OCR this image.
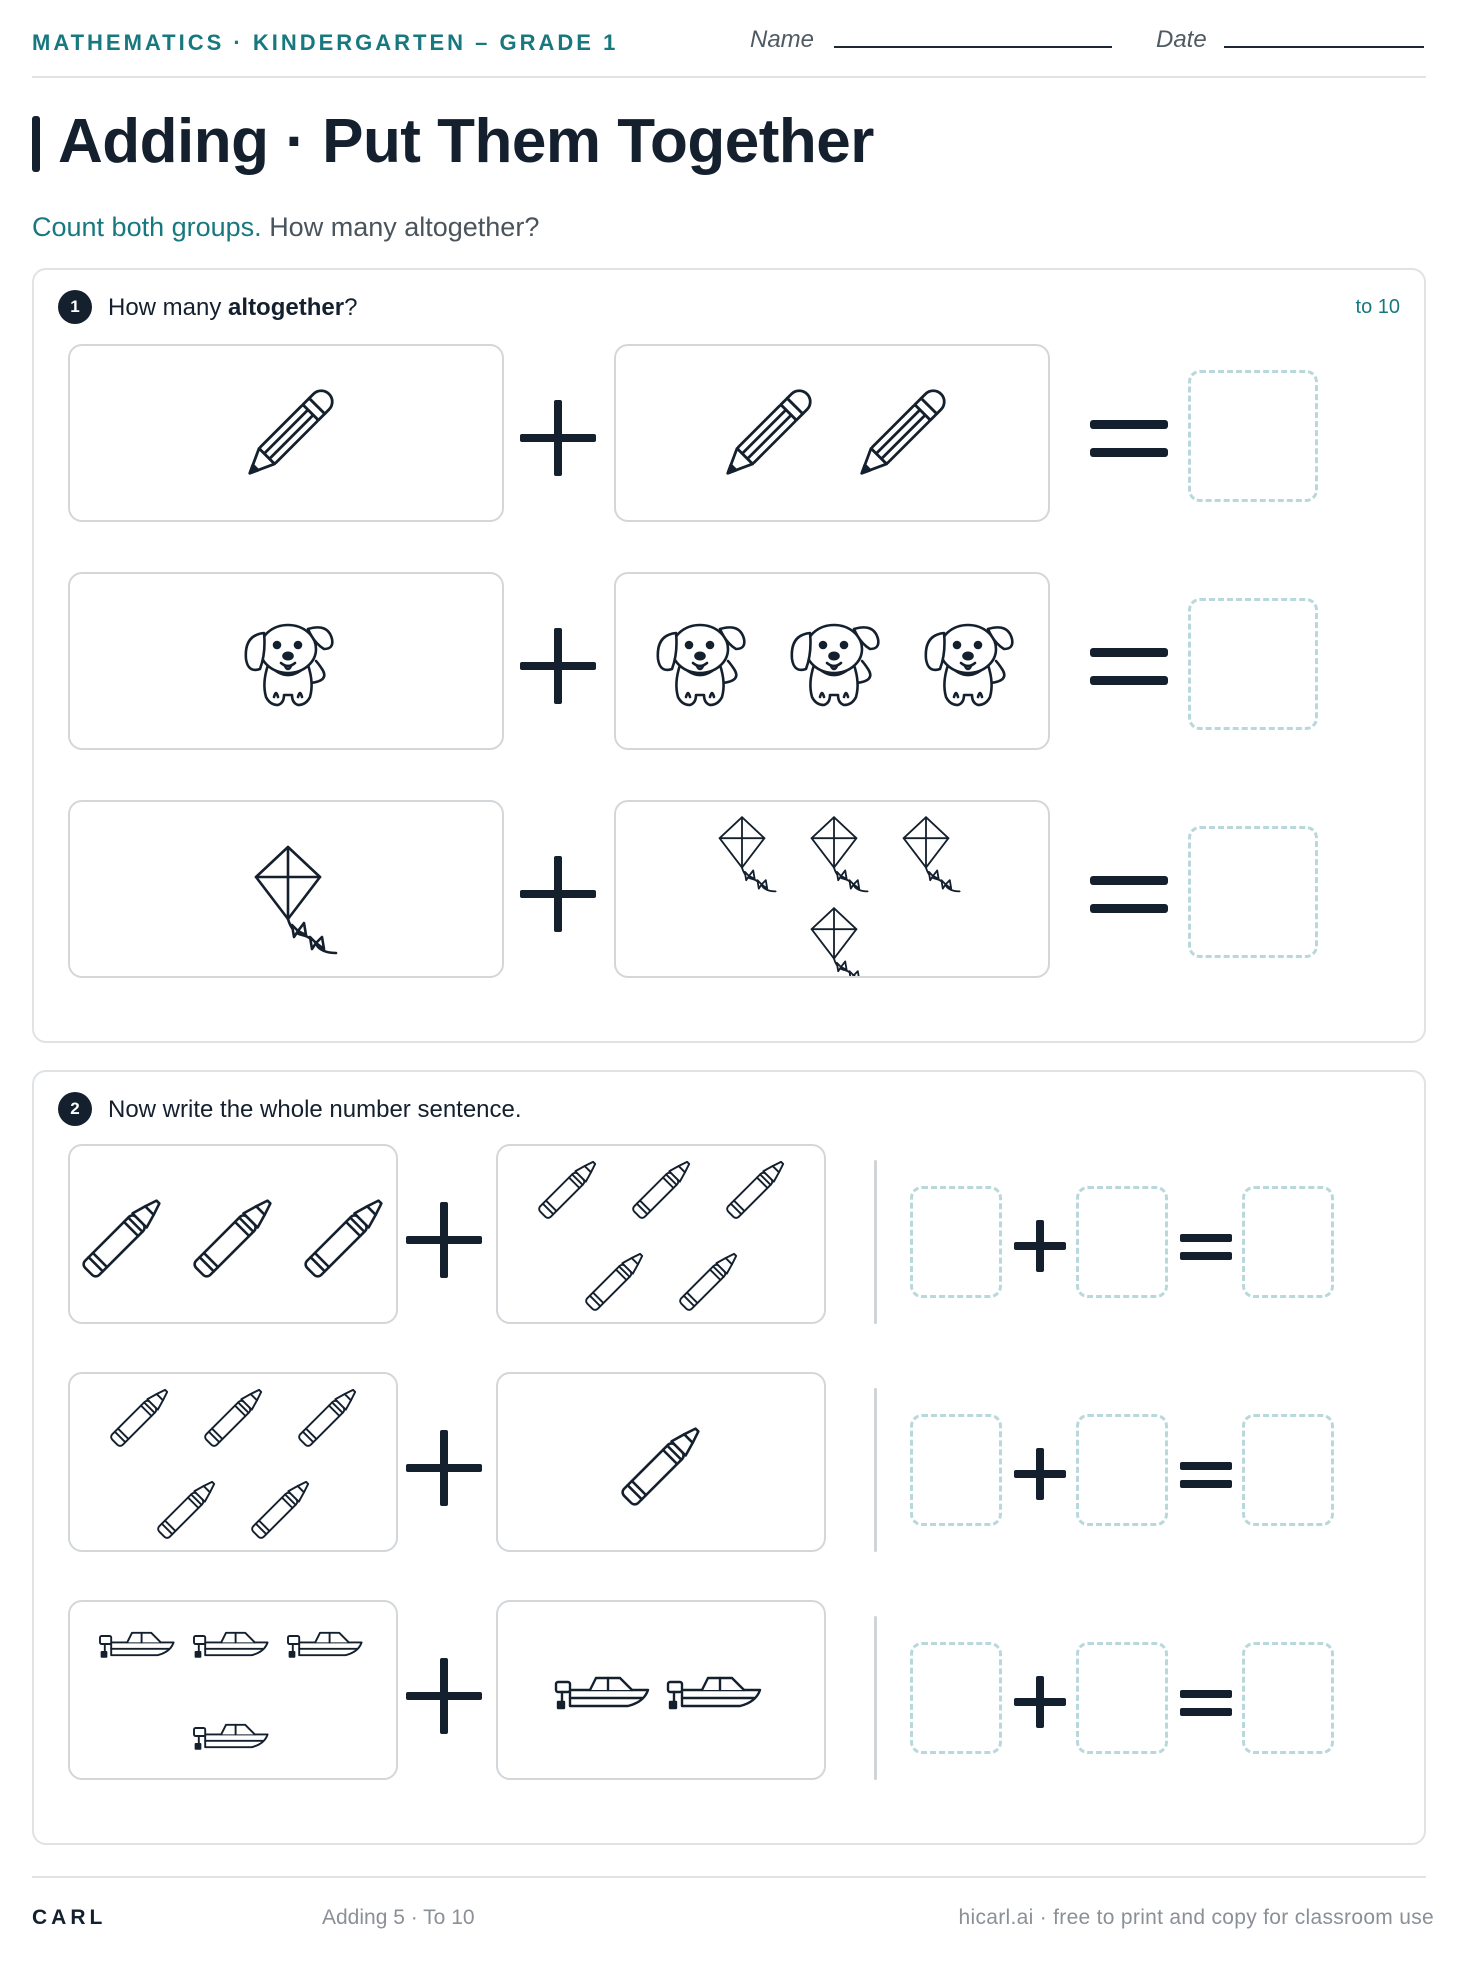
MATHEMATICS · KINDERGARTEN – GRADE 1	Name	Date
Adding · Put Them Together
Count both groups. How many altogether?
1	How many altogether?	to 10
2	Now write the whole number sentence.
CARL	Adding 5 · To 10	hicarl.ai · free to print and copy for classroom use
